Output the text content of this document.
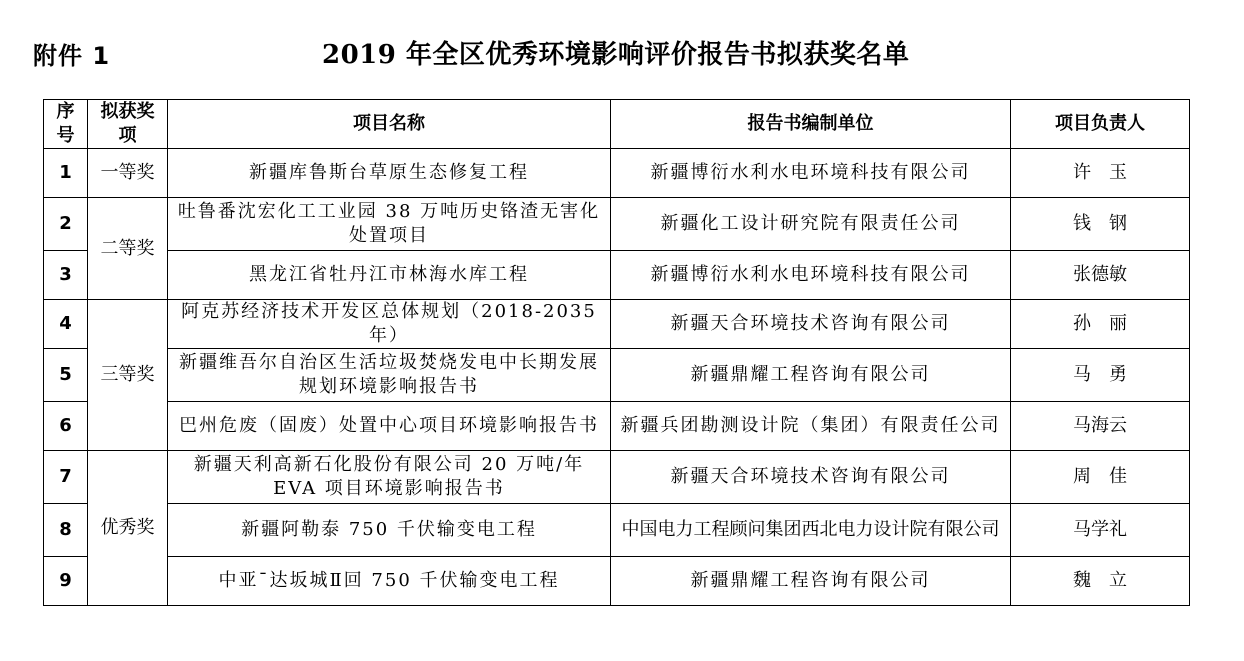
附件 1	2019 年全区优秀环境影响评价报告书拟获奖名单
序号	拟获奖项	项目名称	报告书编制单位	项目负责人
1	一等奖	新疆库鲁斯台草原生态修复工程	新疆博衍水利水电环境科技有限公司	许　玉
2	二等奖	吐鲁番沈宏化工工业园 38 万吨历史铬渣无害化处置项目	新疆化工设计研究院有限责任公司	钱　钢
3		黑龙江省牡丹江市林海水库工程	新疆博衍水利水电环境科技有限公司	张德敏
4	三等奖	阿克苏经济技术开发区总体规划（2018-2035 年）	新疆天合环境技术咨询有限公司	孙　丽
5		新疆维吾尔自治区生活垃圾焚烧发电中长期发展规划环境影响报告书	新疆鼎耀工程咨询有限公司	马　勇
6		巴州危废（固废）处置中心项目环境影响报告书	新疆兵团勘测设计院（集团）有限责任公司	马海云
7	优秀奖	新疆天利高新石化股份有限公司 20 万吨/年 EVA 项目环境影响报告书	新疆天合环境技术咨询有限公司	周　佳
8		新疆阿勒泰 750 千伏输变电工程	中国电力工程顾问集团西北电力设计院有限公司	马学礼
9		中亚¯达坂城Ⅱ回 750 千伏输变电工程	新疆鼎耀工程咨询有限公司	魏　立
